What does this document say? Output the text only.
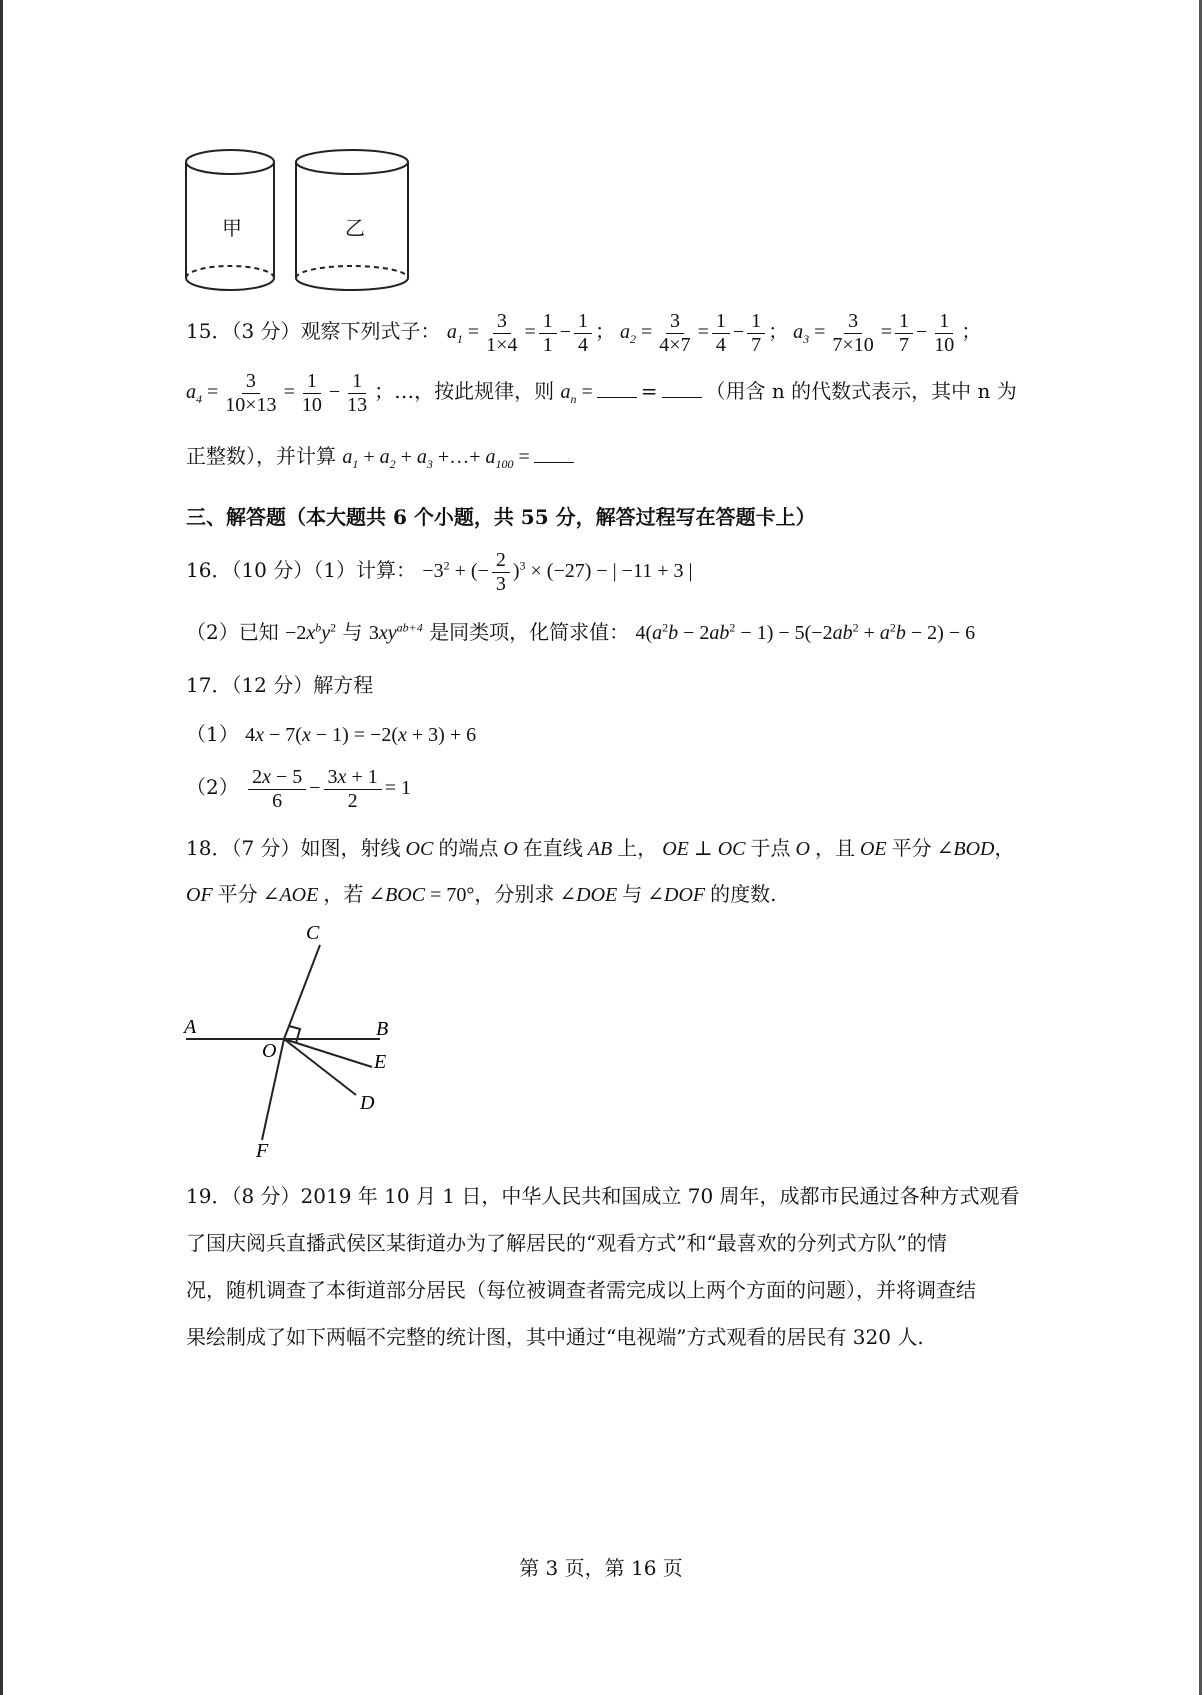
甲	乙
15．（3 分）观察下列式子： $a_1 = \frac{3}{1\times 4} = \frac{1}{1} - \frac{1}{4}$ ； $a_2 = \frac{3}{4\times 7} = \frac{1}{4} - \frac{1}{7}$ ； $a_3 = \frac{3}{7\times 10} = \frac{1}{7} - \frac{1}{10}$ ；
$a_4 = \frac{3}{10\times 13} = \frac{1}{10} - \frac{1}{13}$ ；…，按此规律，则 $a_n$ = = （用含 n 的代数式表示，其中 n 为
正整数），并计算 $a_1 + a_2 + a_3$ +…+ $a_{100}$ =
三、解答题（本大题共 6 个小题，共 55 分，解答过程写在答题卡上）
16．（10 分）（1）计算： $-3^2$ + (− $\frac{2}{3} )^3 \times (-27)$ − | −11 + 3 |
（2）已知 $-2x^by^2$ 与 $3xy^{ab+4}$ 是同类项，化简求值： $4(a^2b - 2ab^2 - 1) - 5(-2ab^2 + a^2b - 2) - 6$
17．（12 分）解方程
（1） 4x − 7(x − 1) = −2(x + 3) + 6
$(2) \frac{2x - 5}{6} - \frac{3x + 1}{2} = 1$
18．（7 分）如图，射线 OC 的端点 O 在直线 AB 上， OE ⊥ OC 于点 O ，且 OE 平分 ∠BOD，
OF 平分 ∠AOE ，若 ∠BOC = 70°，分别求 ∠DOE 与 ∠DOF 的度数.
C
A	B
O	E
D
F
19．（8 分）2019 年 10 月 1 日，中华人民共和国成立 70 周年，成都市民通过各种方式观看
了国庆阅兵直播武侯区某街道办为了解居民的“观看方式”和“最喜欢的分列式方队”的情
况，随机调查了本街道部分居民（每位被调查者需完成以上两个方面的问题），并将调查结
果绘制成了如下两幅不完整的统计图，其中通过“电视端”方式观看的居民有 320 人.
第 3 页，第 16 页
